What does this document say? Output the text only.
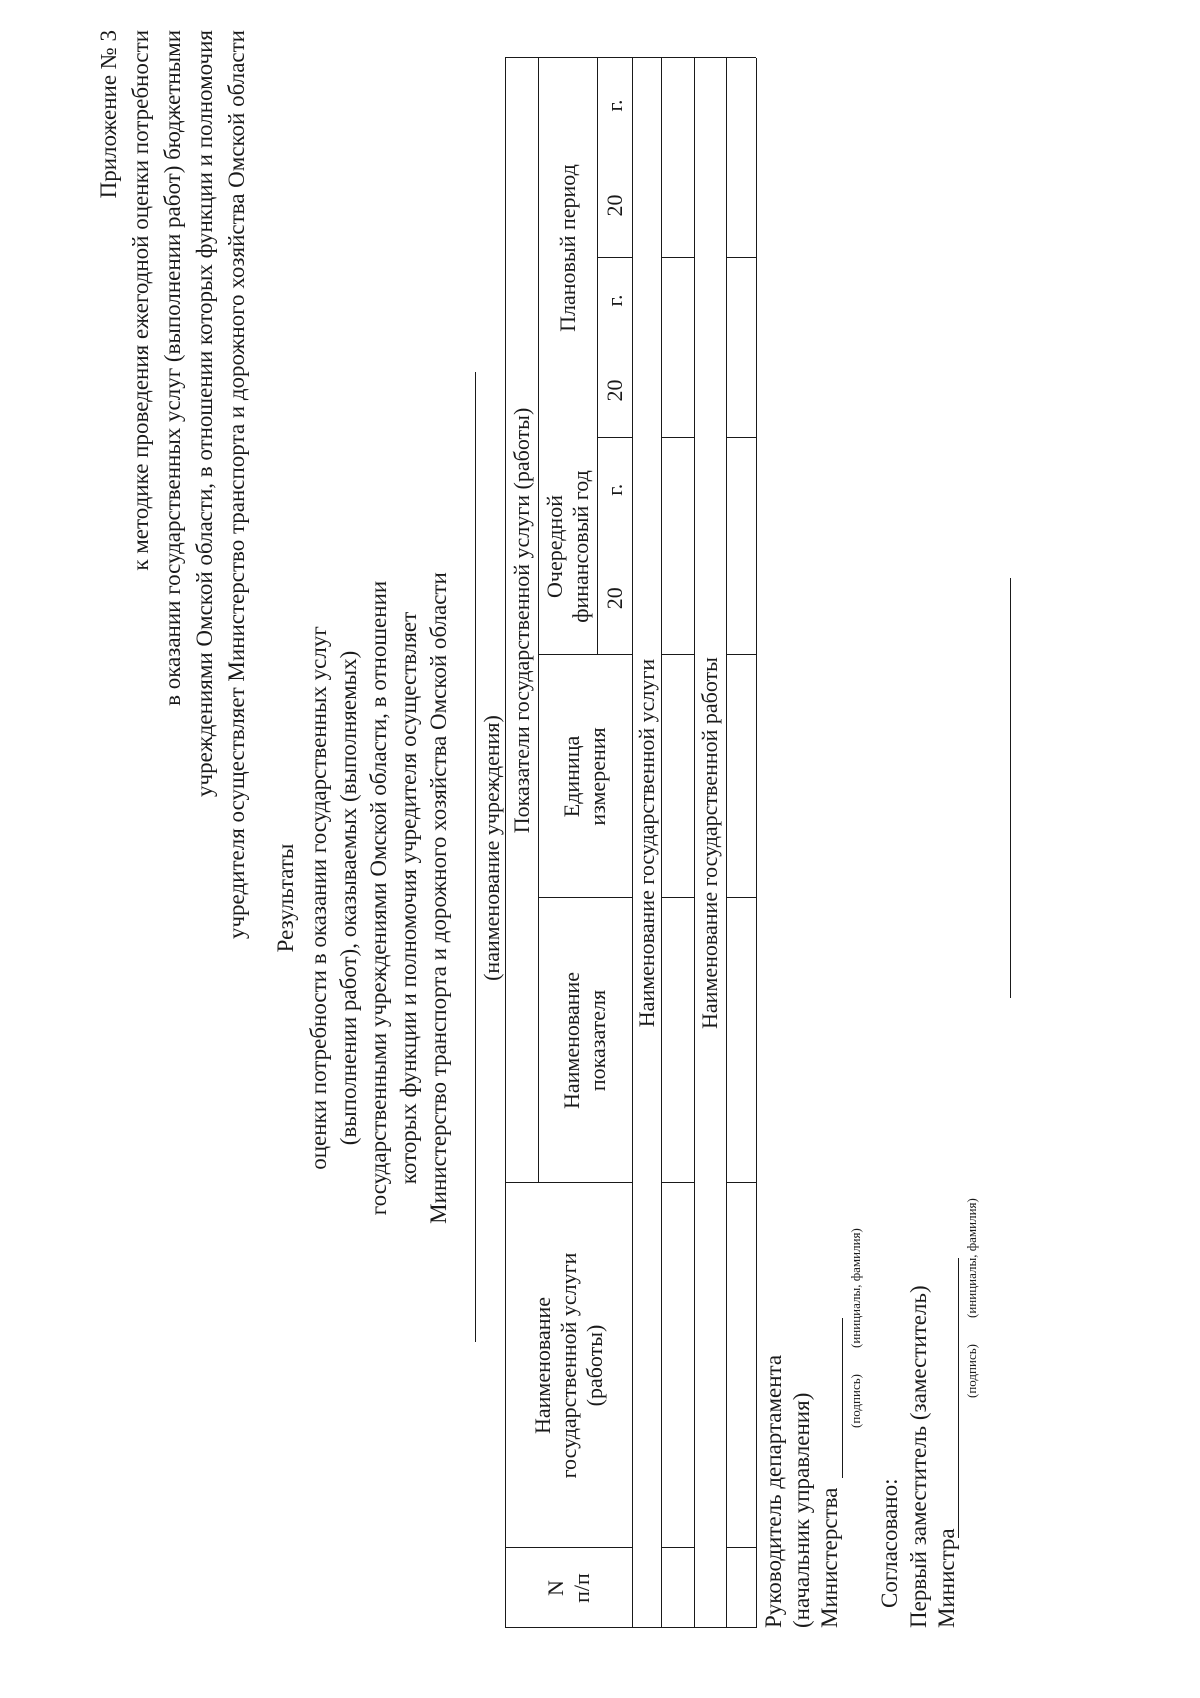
Приложение № 3 к методике проведения ежегодной оценки потребности в оказании государственных услуг (выполнении работ) бюджетными учреждениями Омской области, в отношении которых функции и полномочия учредителя осуществляет Министерство транспорта и дорожного хозяйства Омской области Результаты оценки потребности в оказании государственных услуг (выполнении работ), оказываемых (выполняемых) государственными учреждениями Омской области, в отношении которых функции и полномочия учредителя осуществляет Министерство транспорта и дорожного хозяйства Омской области (наименование учреждения)
N п/п
Наименование государственной услуги (работы)
Показатели государственной услуги (работы)
Наименование показателя
Единица измерения
Очередной финансовый год
Плановый период
20
г.
20
г.
20
г.
Наименование государственной услуги Наименование государственной работы
Руководитель департамента (начальник управления) Министерства
(подпись)
(инициалы, фамилия)
Согласовано: Первый заместитель (заместитель) Министра
(подпись)
(инициалы, фамилия)
